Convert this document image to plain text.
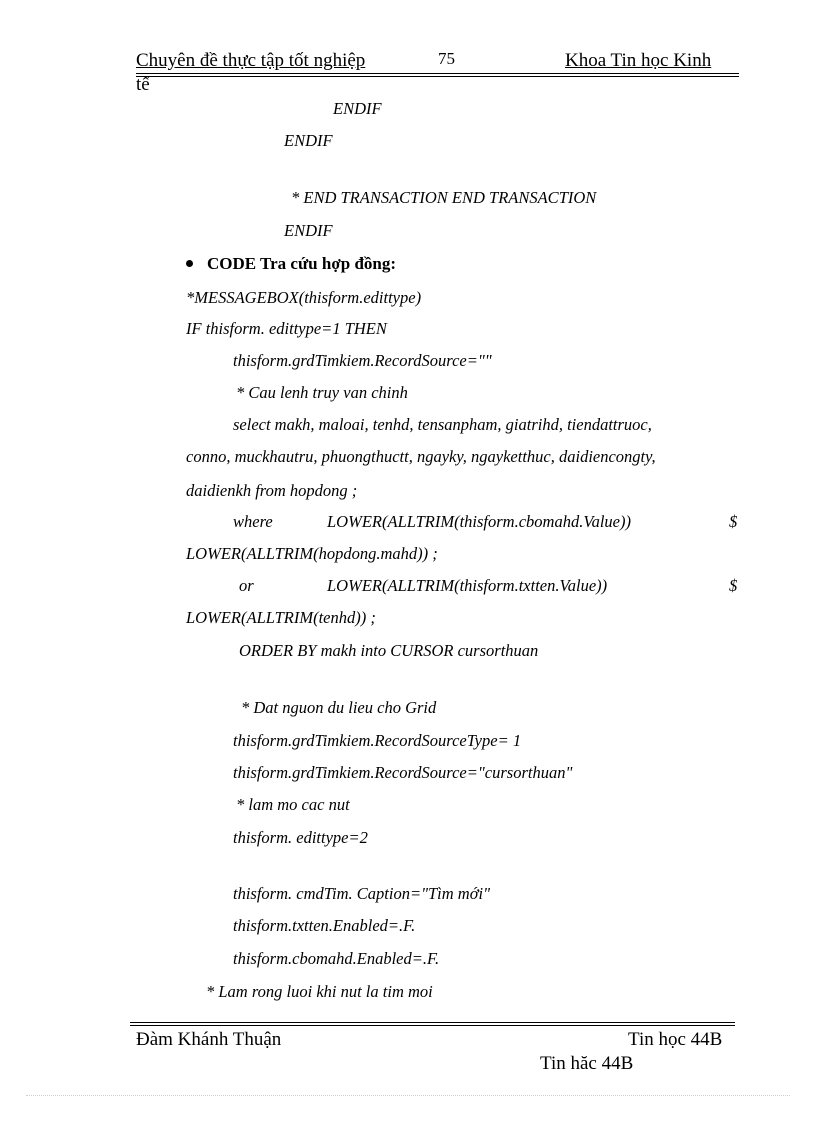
Chuyên đề thực tập tốt nghiệp	75	Khoa Tin học Kinh
tế
ENDIF
ENDIF
* END TRANSACTION END TRANSACTION
ENDIF
CODE Tra cứu hợp đồng:
*MESSAGEBOX(thisform.edittype)
IF thisform. edittype=1 THEN
thisform.grdTimkiem.RecordSource=""
* Cau lenh truy van chinh
select makh, maloai, tenhd, tensanpham, giatrihd, tiendattruoc,
conno, muckhautru, phuongthuctt, ngayky, ngayketthuc, daidiencongty,
daidienkh from hopdong ;
where	LOWER(ALLTRIM(thisform.cbomahd.Value))	$
LOWER(ALLTRIM(hopdong.mahd)) ;
or	LOWER(ALLTRIM(thisform.txtten.Value))	$
LOWER(ALLTRIM(tenhd)) ;
ORDER BY makh into CURSOR cursorthuan
* Dat nguon du lieu cho Grid
thisform.grdTimkiem.RecordSourceType= 1
thisform.grdTimkiem.RecordSource="cursorthuan"
* lam mo cac nut
thisform. edittype=2
thisform. cmdTim. Caption="Tìm mới"
thisform.txtten.Enabled=.F.
thisform.cbomahd.Enabled=.F.
* Lam rong luoi khi nut la tim moi
Đàm Khánh Thuận	Tin học 44B
Tin hăc 44B
